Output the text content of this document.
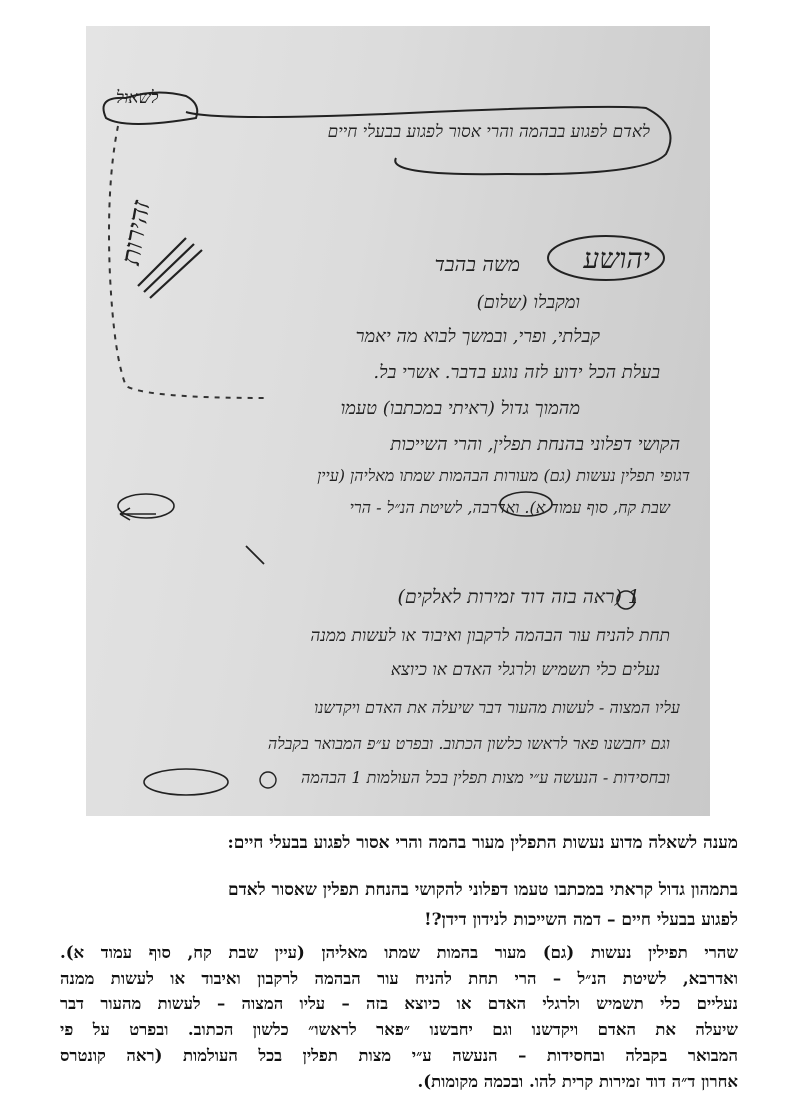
לשאול
לאדם לפגוע בבהמה והרי אסור לפגוע בבעלי חיים
זהירות	יהושע
משה בהבד
ומקבלו (שלום)
קבלתי, ופרי, ובמשך לבוא מה יאמר
בעלת הכל ידוע לזה נוגע בדבר. אשרי בל.
מהמוך גדול (ראיתי במכתבו) טעמו
הקושי דפלוני בהנחת תפלין, והרי השייכות
דגופי תפלין נעשות (גם) מעורות הבהמות שמתו מאליהן (עיין
שבת קח, סוף עמוד א). ואדרבה, לשיטת הנ״ל - הרי
1 (ראה בזה דוד זמירות לאלקים)
תחת להניח עור הבהמה לרקבון ואיבוד או לעשות ממנה
נעלים כלי תשמיש ולרגלי האדם או כיוצא
עליו המצוה - לעשות מהעור דבר שיעלה את האדם ויקדשנו
וגם יחבשנו פאר לראשו כלשון הכתוב. ובפרט ע״פ המבואר בקבלה
ובחסידות - הנעשה ע״י מצות תפלין בכל העולמות 1 הבהמה
מענה לשאלה מדוע נעשות התפלין מעור בהמה והרי אסור לפגוע בבעלי חיים:
בתמהון גדול קראתי במכתבו טעמו דפלוני להקושי בהנחת תפלין שאסור לאדם
לפגוע בבעלי חיים – דמה השייכות לנידון דידן?!
שהרי תפילין נעשות (גם) מעור בהמות שמתו מאליהן (עיין שבת קח, סוף עמוד א).
ואדרבא, לשיטת הנ״ל – הרי תחת להניח עור הבהמה לרקבון ואיבוד או לעשות ממנה
נעליים כלי תשמיש ולרגלי האדם או כיוצא בזה – עליו המצוה – לעשות מהעור דבר
שיעלה את האדם ויקדשנו וגם יחבשנו ״פאר לראשו״ כלשון הכתוב. ובפרט על פי
המבואר בקבלה ובחסידות – הנעשה ע״י מצות תפלין בכל העולמות (ראה קונטרס
אחרון ד״ה דוד זמירות קרית להו. ובכמה מקומות).
